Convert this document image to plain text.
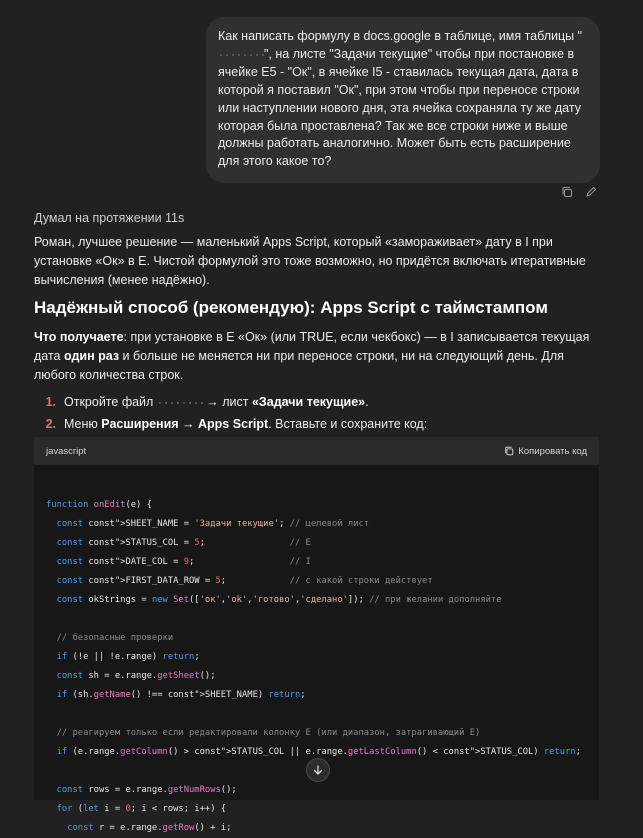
Как написать формулу в docs.google в таблице, имя таблицы "", на листе "Задачи текущие" чтобы при постановке в ячейке E5 - "Ок", в ячейке I5 - ставилась текущая дата, дата в которой я поставил "Ок", при этом чтобы при переносе строки или наступлении нового дня, эта ячейка сохраняла ту же дату которая была проставлена? Так же все строки ниже и выше должны работать аналогично. Может быть есть расширение для этого какое то?
Думал на протяжении 11s
Роман, лучшее решение — маленький Apps Script, который «замораживает» дату в I при установке «Ок» в E. Чистой формулой это тоже возможно, но придётся включать итеративные вычисления (менее надёжно).
Надёжный способ (рекомендую): Apps Script с таймстампом
Что получаете: при установке в E «Ок» (или TRUE, если чекбокс) — в I записывается текущая дата один раз и больше не меняется ни при переносе строки, ни на следующий день. Для любого количества строк.
1. Откройте файл	→ лист «Задачи текущие».
2. Меню Расширения → Apps Script. Вставьте и сохраните код:
javascript	Копировать код

function onEdit(e) {
const const">SHEET_NAME = 'Задачи текущие'; // целевой лист
const const">STATUS_COL = 5;                // E
const const">DATE_COL = 9;                  // I
const const">FIRST_DATA_ROW = 5;            // с какой строки действует
const okStrings = new Set(['ок','ok','готово','сделано']); // при желании дополняйте

// безопасные проверки
if (!e || !e.range) return;
const sh = e.range.getSheet();
if (sh.getName() !== const">SHEET_NAME) return;

// реагируем только если редактировали колонку E (или диапазон, затрагивающий E)
if (e.range.getColumn() > const">STATUS_COL || e.range.getLastColumn() < const">STATUS_COL) return;

const rows = e.range.getNumRows();
for (let i = 0; i < rows; i++) {
const r = e.range.getRow() + i;
